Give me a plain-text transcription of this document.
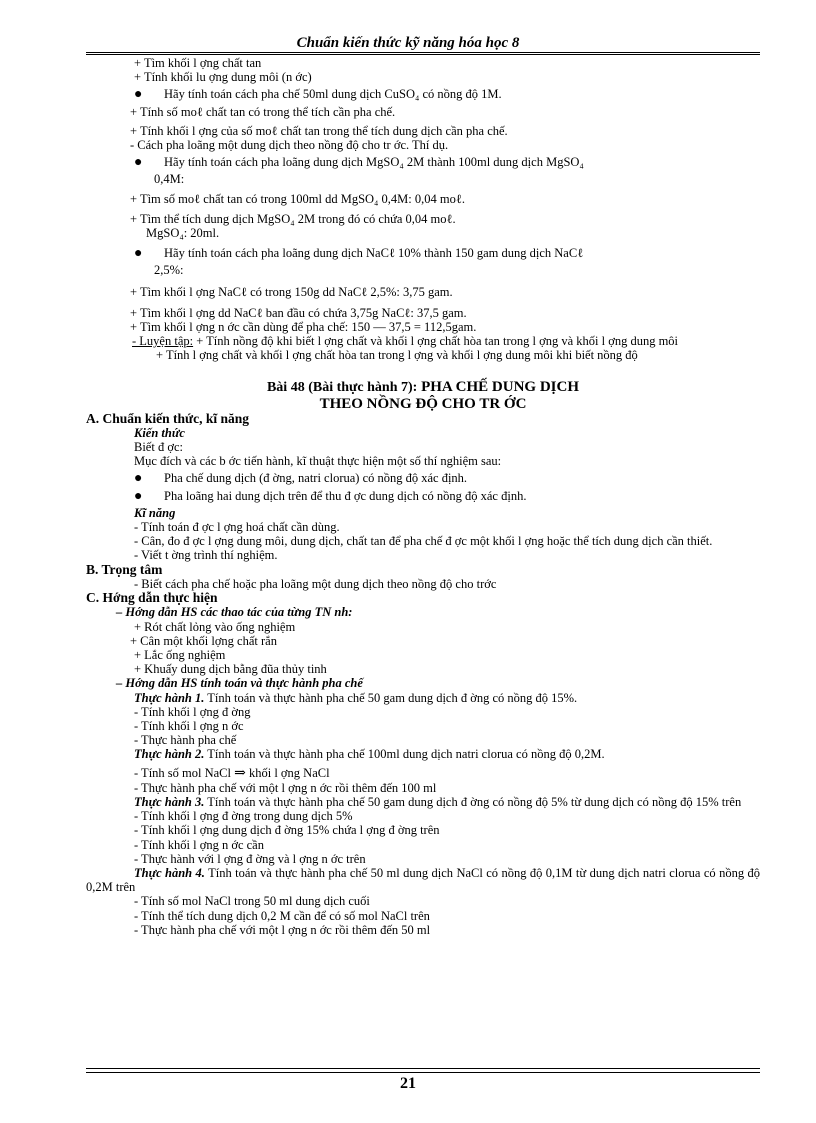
Chuẩn kiến thức kỹ năng hóa học 8
+ Tìm khối l ợng chất tan
+ Tính khối lu ợng dung môi (n ớc)
● Hãy tính toán cách pha chế 50ml dung dịch CuSO₄ có nồng độ 1M.
+ Tính số moℓ chất tan có trong thể tích cần pha chế.
+ Tính khối l ợng của số moℓ chất tan trong thể tích dung dịch cần pha chế.
- Cách pha loãng một dung dịch theo nồng độ cho tr ớc. Thí dụ.
● Hãy tính toán cách pha loãng dung dịch MgSO₄ 2M thành 100ml dung dịch MgSO₄
0,4M:
+ Tìm số moℓ chất tan có trong 100ml dd MgSO₄ 0,4M: 0,04 moℓ.
+ Tìm thể tích dung dịch MgSO₄ 2M trong đó có chứa 0,04 moℓ.
MgSO₄: 20ml.
● Hãy tính toán cách pha loãng dung dịch NaCℓ 10% thành 150 gam dung dịch NaCℓ
2,5%:
+ Tìm khối l ợng NaCℓ có trong 150g dd NaCℓ 2,5%: 3,75 gam.
+ Tìm khối l ợng dd NaCℓ ban đầu có chứa 3,75g NaCℓ: 37,5 gam.
+ Tìm khối l ợng n ớc cần dùng để pha chế: 150 — 37,5 = 112,5gam.
- Luyện tập: + Tính nồng độ khi biết l ợng chất và khối l ợng chất hòa tan trong l ợng và khối l ợng dung môi
+ Tính l ợng chất và khối l ợng chất hòa tan trong l ợng và khối l ợng dung môi khi biết nồng độ
Bài 48 (Bài thực hành 7): PHA CHẾ DUNG DỊCH
THEO NỒNG ĐỘ CHO TR ỚC
A. Chuẩn kiến thức, kĩ năng
Kiến thức
Biết đ ợc:
Mục đích và các b ớc tiến hành, kĩ thuật thực hiện một số thí nghiệm sau:
● Pha chế dung dịch (đ ờng, natri clorua) có nồng độ xác định.
● Pha loãng hai dung dịch trên để thu đ ợc dung dịch có nồng độ xác định.
Kĩ năng
- Tính toán đ ợc l ợng hoá chất cần dùng.
- Cân, đo đ ợc l ợng dung môi, dung dịch, chất tan để pha chế đ ợc một khối l ợng hoặc thể tích dung dịch cần thiết.
- Viết t ờng trình thí nghiệm.
B. Trọng tâm
- Biết cách pha chế hoặc pha loãng một dung dịch theo nồng độ cho trớc
C. Hớng dẫn thực hiện
– Hớng dẫn HS các thao tác của từng TN nh:
+ Rót chất lỏng vào ống nghiệm
+ Cân một khối lợng chất rắn
+ Lắc ống nghiệm
+ Khuấy dung dịch bằng đũa thủy tinh
– Hớng dẫn HS tính toán và thực hành pha chế
Thực hành 1. Tính toán và thực hành pha chế 50 gam dung dịch đ ờng có nồng độ 15%.
- Tính khối l ợng đ ờng
- Tính khối l ợng n ớc
- Thực hành pha chế
Thực hành 2. Tính toán và thực hành pha chế 100ml dung dịch natri clorua có nồng độ 0,2M.
- Tính số mol NaCl ⇒ khối l ợng NaCl
- Thực hành pha chế với một l ợng n ớc rồi thêm đến 100 ml
Thực hành 3. Tính toán và thực hành pha chế 50 gam dung dịch đ ờng có nồng độ 5% từ dung dịch có nồng độ 15% trên
- Tính khối l ợng đ ờng trong dung dịch 5%
- Tính khối l ợng dung dịch đ ờng 15% chứa l ợng đ ờng trên
- Tính khối l ợng n ớc cần
- Thực hành với l ợng đ ờng và l ợng n ớc trên
Thực hành 4. Tính toán và thực hành pha chế 50 ml dung dịch NaCl có nồng độ 0,1M từ dung dịch natri clorua có nồng độ 0,2M trên
- Tính số mol NaCl trong 50 ml dung dịch cuối
- Tính thể tích dung dịch 0,2 M cần để có số mol NaCl trên
- Thực hành pha chế với một l ợng n ớc rồi thêm đến 50 ml
21
